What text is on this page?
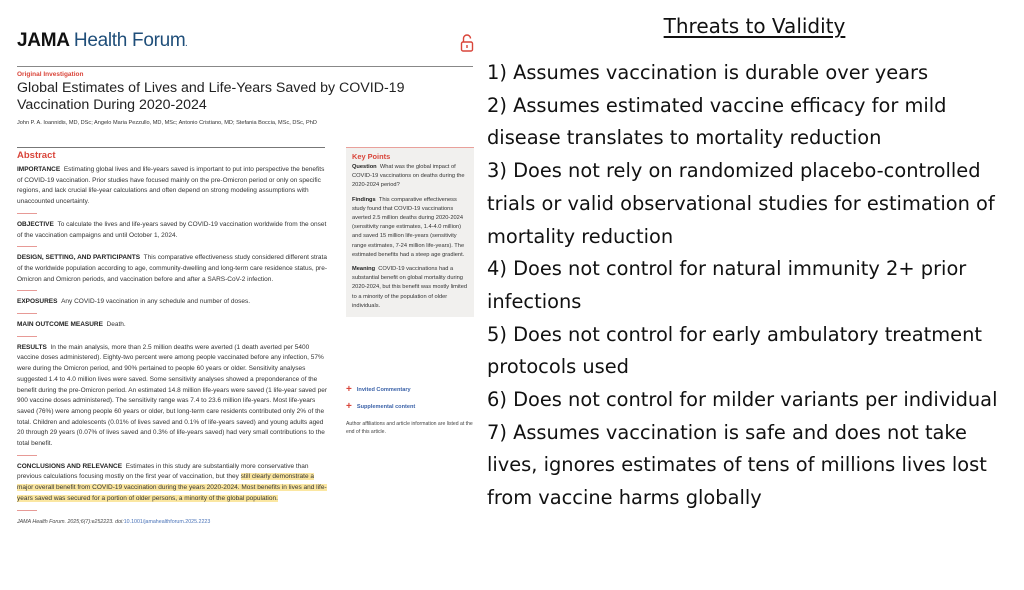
JAMA Health Forum.
Original Investigation
Global Estimates of Lives and Life-Years Saved by COVID-19 Vaccination During 2020-2024
John P. A. Ioannidis, MD, DSc; Angelo Maria Pezzullo, MD, MSc; Antonio Cristiano, MD; Stefania Boccia, MSc, DSc, PhD
Abstract
IMPORTANCE Estimating global lives and life-years saved is important to put into perspective the benefits of COVID-19 vaccination. Prior studies have focused mainly on the pre-Omicron period or only on specific regions, and lack crucial life-year calculations and often depend on strong modeling assumptions with unaccounted uncertainty.
OBJECTIVE To calculate the lives and life-years saved by COVID-19 vaccination worldwide from the onset of the vaccination campaigns and until October 1, 2024.
DESIGN, SETTING, AND PARTICIPANTS This comparative effectiveness study considered different strata of the worldwide population according to age, community-dwelling and long-term care residence status, pre-Omicron and Omicron periods, and vaccination before and after a SARS-CoV-2 infection.
EXPOSURES Any COVID-19 vaccination in any schedule and number of doses.
MAIN OUTCOME MEASURE Death.
RESULTS In the main analysis, more than 2.5 million deaths were averted (1 death averted per 5400 vaccine doses administered). Eighty-two percent were among people vaccinated before any infection, 57% were during the Omicron period, and 90% pertained to people 60 years or older. Sensitivity analyses suggested 1.4 to 4.0 million lives were saved. Some sensitivity analyses showed a preponderance of the benefit during the pre-Omicron period. An estimated 14.8 million life-years were saved (1 life-year saved per 900 vaccine doses administered). The sensitivity range was 7.4 to 23.6 million life-years. Most life-years saved (76%) were among people 60 years or older, but long-term care residents contributed only 2% of the total. Children and adolescents (0.01% of lives saved and 0.1% of life-years saved) and young adults aged 20 through 29 years (0.07% of lives saved and 0.3% of life-years saved) had very small contributions to the total benefit.
CONCLUSIONS AND RELEVANCE Estimates in this study are substantially more conservative than previous calculations focusing mostly on the first year of vaccination, but they still clearly demonstrate a major overall benefit from COVID-19 vaccination during the years 2020-2024. Most benefits in lives and life-years saved was secured for a portion of older persons, a minority of the global population.
JAMA Health Forum. 2025;6(7):e252223. doi:10.1001/jamahealthforum.2025.2223
Key Points

Question What was the global impact of COVID-19 vaccinations on deaths during the 2020-2024 period?

Findings This comparative effectiveness study found that COVID-19 vaccinations averted 2.5 million deaths during 2020-2024 (sensitivity range estimates, 1.4-4.0 million) and saved 15 million life-years (sensitivity range estimates, 7-24 million life-years). The estimated benefits had a steep age gradient.

Meaning COVID-19 vaccinations had a substantial benefit on global mortality during 2020-2024, but this benefit was mostly limited to a minority of the population of older individuals.

+ Invited Commentary
+ Supplemental content
Author affiliations and article information are listed at the end of this article.
Threats to Validity
1) Assumes vaccination is durable over years
2) Assumes estimated vaccine efficacy for mild disease translates to mortality reduction
3) Does not rely on randomized placebo-controlled trials or valid observational studies for estimation of mortality reduction
4) Does not control for natural immunity 2+ prior infections
5) Does not control for early ambulatory treatment protocols used
6) Does not control for milder variants per individual
7) Assumes vaccination is safe and does not take lives, ignores estimates of tens of millions lives lost from vaccine harms globally
